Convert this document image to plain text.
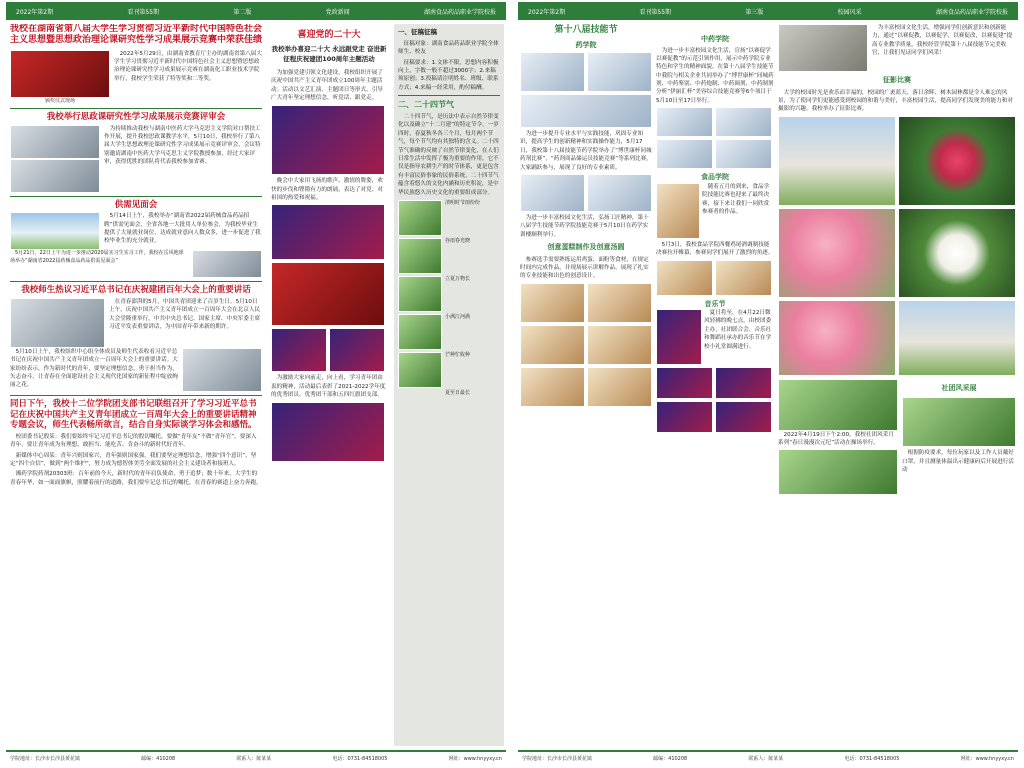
2022年第2期	看刊第55期	第二版	党政新闻	湖南食品药品职业学院校报
我校在湖南省第八届大学生学习贯彻习近平新时代中国特色社会主义思想暨思想政治理论课研究性学习成果展示竞赛中荣获佳绩
颁奖仪式现场

2022年5月29日，由湖南省教育厅主办的湖南省第八届大学生学习贯彻习近平新时代中国特色社会主义思想暨思想政治理论课研究性学习成果展示竞赛在湖南化工职业技术学院举行，我校学生荣获了特等奖和二等奖。

我校举行思政课研究性学习成果展示竞赛评审会

为持续推动我校与湖南中医药大学马克思主义学院对口帮扶工作开展，提升我校思政课教学水平，5月10日，我校举行了第八届大学生思想政理论课研究性学习成果展示竞赛评审会，会议特别邀请湖南中医药大学马克思主义学院教授参加，经过大家评审，获得优胜的团队将代表我校参加省赛。

供需见面会

5月14日上午，我校举办“湖南省2022届药械食品药品招聘”供需见面会，全省各地一大批用人单位参会，为我校毕业生提供了大量就业岗位，达成就业意向人数众多，进一步促进了我校毕业生的充分就业。

5月21日，22日上午为进一步推动2020届实习生实习工作，我校在岳风地球场举办“湖南省2022届药械食品药品供需见面会”

我校师生热议习近平总书记在庆祝建团百年大会上的重要讲话

在青春澎湃的5月，中国共青团迎来了百岁生日。5月10日上午，庆祝中国共产主义青年团成立一百周年大会在北京人民大会堂隆重举行，中共中央总书记、国家主席、中央军委主席习近平发表重要讲话，为中国青年带来新的期许。

5月10日上午，我校组织中心组全体成员及师生代表收看习近平总书记在庆祝中国共产主义青年团成立一百周年大会上的重要讲话。大家纷纷表示，作为新时代的青年，要坚定理想信念，勇于担当作为，矢志奋斗，让青春在全面建设社会主义现代化国家的新征程中绽放绚丽之花。

同日下午，我校十二位学院团支部书记联组召开了学习习近平总书记在庆祝中国共产主义青年团成立一百周年大会上的重要讲话精神专题会议，师生代表畅所欲言，结合自身实际谈学习体会和感悟。

校团委书记殷某：我们要始终牢记习近平总书记的殷切嘱托，要做“青年友”不做“青年官”，要深入青年，要让青年成为有理想、敢担当、能吃苦、肯奋斗的新时代好青年。

新媒体中心周某：青年兴则国家兴，青年强则国家强。我们要坚定理想信念，增强“四个意识”，坚定“四个自信”，做到“两个维护”，努力成为德智体美劳全面发展的社会主义建设者和接班人。

湘药学院药剂20303班：百年前的今天，新时代的青年肩负使命，勇于追梦；数十年来，大学生的青春年华，如一面面旗帜，照耀着前行的道路，我们要牢记总书记的嘱托，在青春的赛道上奋力奔跑。

喜迎党的二十大
我校举办喜迎二十大 永远跟党走 奋进新征程庆祝建团100周年主题活动

为加强党建引领文化建设，我校组织开展了庆祝中国共产主义青年团成立100周年主题活动。活动以文艺汇演、主题团日等形式，引导广大青年坚定理想信念，听党话、跟党走。

晚会中大家用飞扬的歌声、激情的舞姿，欢快的步伐和铿锵有力的朗诵，表达了对党、对祖国的热爱和祝福。

为激励大家向前走，向上看，学习青年团由衷的精神，活动最后表彰了2021-2022学年度的优秀团员、优秀团干部和五四红旗团支部。

一、征稿征稿

征稿对象：湖南食品药品职业学院全体师生、校友

征稿要求：1.文体不限，思想内容积极向上，字数一般不超过3000字；2.来稿须原创；3.投稿请注明姓名、班级、联系方式；4.来稿一经采用，酌付稿酬。

二、二十四节气

二十四节气，是历法中表示自然节律变化以及确立“十二月建”的特定节令。一岁四时，春夏秋冬各三个月，每月两个节气，每个节气均有其独特的含义。二十四节气准确的反映了自然节律变化，在人们日常生活中发挥了极为重要的作用。它不仅是指导农耕生产的时节体系，更是包含有丰富民俗事象的民俗系统。二十四节气蕴含着悠久的文化内涵和历史积淀，是中华民族悠久历史文化的重要组成部分。

清明时节雨纷纷
谷雨春光晓
立夏万物长
小满江河满
芒种忙收种
夏至日最长
学院地址：长沙市长沙县黄花镇	邮编：410208	联系人：陈某某	电话：0731-84518005	网址：www.hnyyxy.cn
2022年第2期	看刊第55期	第三版	校园风采	湖南食品药品职业学院校报
第十八届技能节
药学院

为进一步提升专业水平与实践技能，巩固专业知识，提高学生的创新精神和实践操作能力，5月17日，我校第十八届技能节药学院举办了“博世康杯同城药剂比赛”，“药剂商品储运员技能竞赛”等系列比赛，大家踊跃参与，展现了良好的专业素质。

为进一步丰富校园文化生活，弘扬工匠精神，第十八届学生技能节药学院技能竞赛于5月10日在药学实训楼顺利举行。

创意蛋糕制作及创意汤圆

参赛选手需要熟练运用鸡蛋、面粉等食材，在规定时间内完成作品，并现场展示讲解作品，展现了扎实的专业技能和出色的创意设计。

中药学院

为进一步丰富校园文化生活，宣扬“以赛促学以赛促教”的示范引领作用，展示中药学院专业特色和学生的精神面貌，在第十八届学生技能节中我院与相关企业共同举办了“博世康杯”同城药剂、中药鉴别、中药炮制、中药调剂、中药制剂分析“伊丽汇杯”美容综合技能竞赛等6个项目于5月10日至17日举行。

食品学院

随着五月的到来，食品学院技能比赛也迎来了最终决赛，接下来让我们一同欣赏参赛者的作品。

5月3日，我校食品学院西餐鸡尾酒调制技能决赛拉开帷幕，参赛同学们展开了激烈的角逐。

音乐节

夏日将至，在4月22日微风轻拂的晚七点，由校团委主办，社团联合会、音乐社和舞蹈社承办的音乐节在学校小礼堂圆满进行。

为丰富校园文化生活，增强同学们创新意识和创新能力，通过“以赛促教，以赛促学，以赛促改，以赛促建”提高专业教学质量，我校经管学院第十八届技能节完美收官，让我们见证同学们风采！

征影比赛

大学的校园时光是欢乐而幸福的，校园的广袤蓝天、落日余晖、树木园林都是令人难忘的风景，为了使同学们更能感受到校园的和谐与美好，丰富校园生活，提高同学们发现美的能力和对摄影的兴趣，我校举办了征影比赛。

2022年4月19日下午2:00，我校社团风采月系列“春日漫漫次元纪”活动在操场举行。

社团风采展

根据防疫要求，每位玩家以及工作人员戴好口罩，并且测量体温出示健康码后开展进行活动

学院地址：长沙市长沙县黄花镇	邮编：410208	联系人：陈某某	电话：0731-84518005	网址：www.hnyyxy.cn
